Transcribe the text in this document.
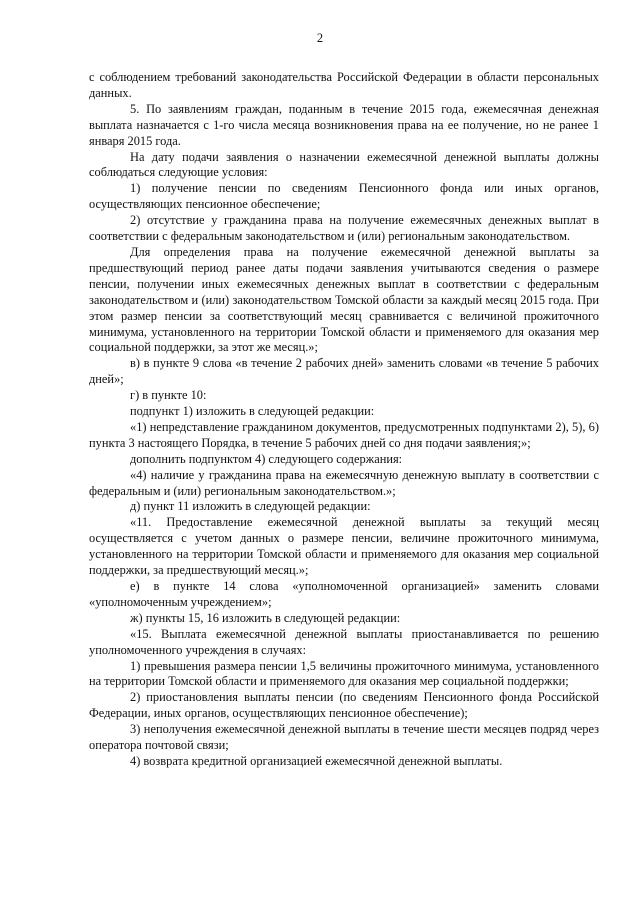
2

с соблюдением требований законодательства Российской Федерации в области персональных данных.

5. По заявлениям граждан, поданным в течение 2015 года, ежемесячная денежная выплата назначается с 1-го числа месяца возникновения права на ее получение, но не ранее 1 января 2015 года.

На дату подачи заявления о назначении ежемесячной денежной выплаты должны соблюдаться следующие условия:

1) получение пенсии по сведениям Пенсионного фонда или иных органов, осуществляющих пенсионное обеспечение;

2) отсутствие у гражданина права на получение ежемесячных денежных выплат в соответствии с федеральным законодательством и (или) региональным законодательством.

Для определения права на получение ежемесячной денежной выплаты за предшествующий период ранее даты подачи заявления учитываются сведения о размере пенсии, получении иных ежемесячных денежных выплат в соответствии с федеральным законодательством и (или) законодательством Томской области за каждый месяц 2015 года. При этом размер пенсии за соответствующий месяц сравнивается с величиной прожиточного минимума, установленного на территории Томской области и применяемого для оказания мер социальной поддержки, за этот же месяц.»;

в) в пункте 9 слова «в течение 2 рабочих дней» заменить словами «в течение 5 рабочих дней»;

г) в пункте 10:

подпункт 1) изложить в следующей редакции:

«1) непредставление гражданином документов, предусмотренных подпунктами 2), 5), 6) пункта 3 настоящего Порядка, в течение 5 рабочих дней со дня подачи заявления;»;

дополнить подпунктом 4) следующего содержания:

«4) наличие у гражданина права на ежемесячную денежную выплату в соответствии с федеральным и (или) региональным законодательством.»;

д) пункт 11 изложить в следующей редакции:

«11. Предоставление ежемесячной денежной выплаты за текущий месяц осуществляется с учетом данных о размере пенсии, величине прожиточного минимума, установленного на территории Томской области и применяемого для оказания мер социальной поддержки, за предшествующий месяц.»;

е) в пункте 14 слова «уполномоченной организацией» заменить словами «уполномоченным учреждением»;

ж) пункты 15, 16 изложить в следующей редакции:

«15. Выплата ежемесячной денежной выплаты приостанавливается по решению уполномоченного учреждения в случаях:

1) превышения размера пенсии 1,5 величины прожиточного минимума, установленного на территории Томской области и применяемого для оказания мер социальной поддержки;

2) приостановления выплаты пенсии (по сведениям Пенсионного фонда Российской Федерации, иных органов, осуществляющих пенсионное обеспечение);

3) неполучения ежемесячной денежной выплаты в течение шести месяцев подряд через оператора почтовой связи;

4) возврата кредитной организацией ежемесячной денежной выплаты.
